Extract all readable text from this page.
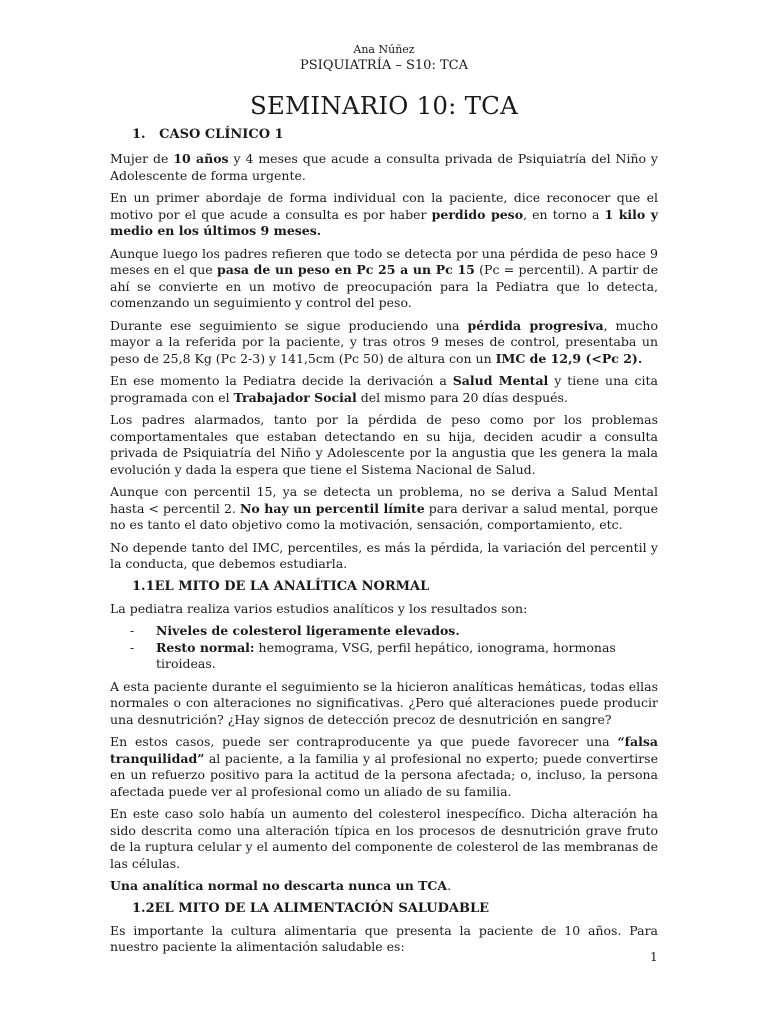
Ana Núñez
PSIQUIATRÍA – S10: TCA
SEMINARIO 10: TCA
1. CASO CLÍNICO 1

Mujer de 10 años y 4 meses que acude a consulta privada de Psiquiatría del Niño y Adolescente de forma urgente.

En un primer abordaje de forma individual con la paciente, dice reconocer que el motivo por el que acude a consulta es por haber perdido peso, en torno a 1 kilo y medio en los últimos 9 meses.

Aunque luego los padres refieren que todo se detecta por una pérdida de peso hace 9 meses en el que pasa de un peso en Pc 25 a un Pc 15 (Pc = percentil). A partir de ahí se convierte en un motivo de preocupación para la Pediatra que lo detecta, comenzando un seguimiento y control del peso.

Durante ese seguimiento se sigue produciendo una pérdida progresiva, mucho mayor a la referida por la paciente, y tras otros 9 meses de control, presentaba un peso de 25,8 Kg (Pc 2-3) y 141,5cm (Pc 50) de altura con un IMC de 12,9 (<Pc 2).

En ese momento la Pediatra decide la derivación a Salud Mental y tiene una cita programada con el Trabajador Social del mismo para 20 días después.

Los padres alarmados, tanto por la pérdida de peso como por los problemas comportamentales que estaban detectando en su hija, deciden acudir a consulta privada de Psiquiatría del Niño y Adolescente por la angustia que les genera la mala evolución y dada la espera que tiene el Sistema Nacional de Salud.

Aunque con percentil 15, ya se detecta un problema, no se deriva a Salud Mental hasta < percentil 2. No hay un percentil límite para derivar a salud mental, porque no es tanto el dato objetivo como la motivación, sensación, comportamiento, etc.

No depende tanto del IMC, percentiles, es más la pérdida, la variación del percentil y la conducta, que debemos estudiarla.

1.1EL MITO DE LA ANALÍTICA NORMAL

La pediatra realiza varios estudios analíticos y los resultados son:

- Niveles de colesterol ligeramente elevados.
- Resto normal: hemograma, VSG, perfil hepático, ionograma, hormonas tiroideas.

A esta paciente durante el seguimiento se la hicieron analíticas hemáticas, todas ellas normales o con alteraciones no significativas. ¿Pero qué alteraciones puede producir una desnutrición? ¿Hay signos de detección precoz de desnutrición en sangre?

En estos casos, puede ser contraproducente ya que puede favorecer una “falsa tranquilidad” al paciente, a la familia y al profesional no experto; puede convertirse en un refuerzo positivo para la actitud de la persona afectada; o, incluso, la persona afectada puede ver al profesional como un aliado de su familia.

En este caso solo había un aumento del colesterol inespecífico. Dicha alteración ha sido descrita como una alteración típica en los procesos de desnutrición grave fruto de la ruptura celular y el aumento del componente de colesterol de las membranas de las células.

Una analítica normal no descarta nunca un TCA.

1.2EL MITO DE LA ALIMENTACIÓN SALUDABLE

Es importante la cultura alimentaria que presenta la paciente de 10 años. Para nuestro paciente la alimentación saludable es:

1
